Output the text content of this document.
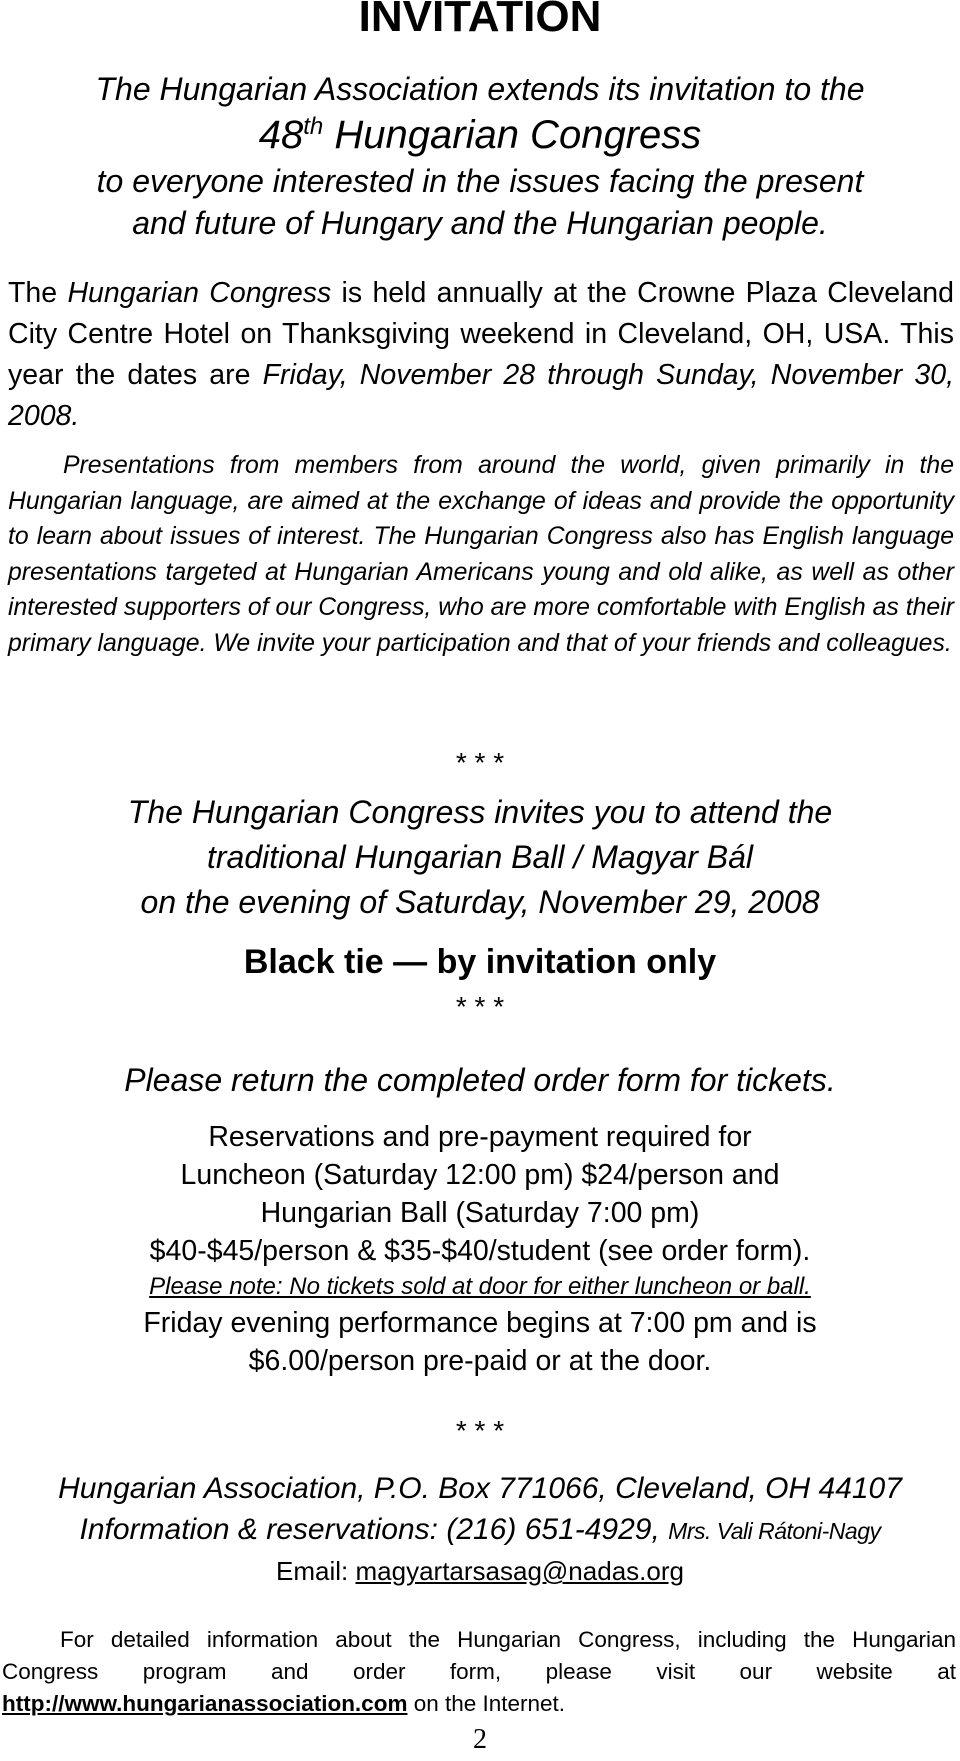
INVITATION
The Hungarian Association extends its invitation to the
48th Hungarian Congress
to everyone interested in the issues facing the present
and future of Hungary and the Hungarian people.
The Hungarian Congress is held annually at the Crowne Plaza Cleveland City Centre Hotel on Thanksgiving weekend in Cleveland, OH, USA. This year the dates are Friday, November 28 through Sunday, November 30, 2008.
Presentations from members from around the world, given primarily in the Hungarian language, are aimed at the exchange of ideas and provide the opportunity to learn about issues of interest. The Hungarian Congress also has English language presentations targeted at Hungarian Americans young and old alike, as well as other interested supporters of our Congress, who are more comfortable with English as their primary language. We invite your participation and that of your friends and colleagues.
* * *
The Hungarian Congress invites you to attend the
traditional Hungarian Ball / Magyar Bál
on the evening of Saturday, November 29, 2008
Black tie — by invitation only
* * *
Please return the completed order form for tickets.
Reservations and pre-payment required for
Luncheon (Saturday 12:00 pm) $24/person and
Hungarian Ball (Saturday 7:00 pm)
$40-$45/person & $35-$40/student (see order form).
Please note: No tickets sold at door for either luncheon or ball.
Friday evening performance begins at 7:00 pm and is
$6.00/person pre-paid or at the door.
* * *
Hungarian Association, P.O. Box 771066, Cleveland, OH 44107
Information & reservations: (216) 651-4929, Mrs. Vali Rátoni-Nagy
Email: magyartarsasag@nadas.org
For detailed information about the Hungarian Congress, including the Hungarian Congress program and order form, please visit our website at http://www.hungarianassociation.com on the Internet.
2
